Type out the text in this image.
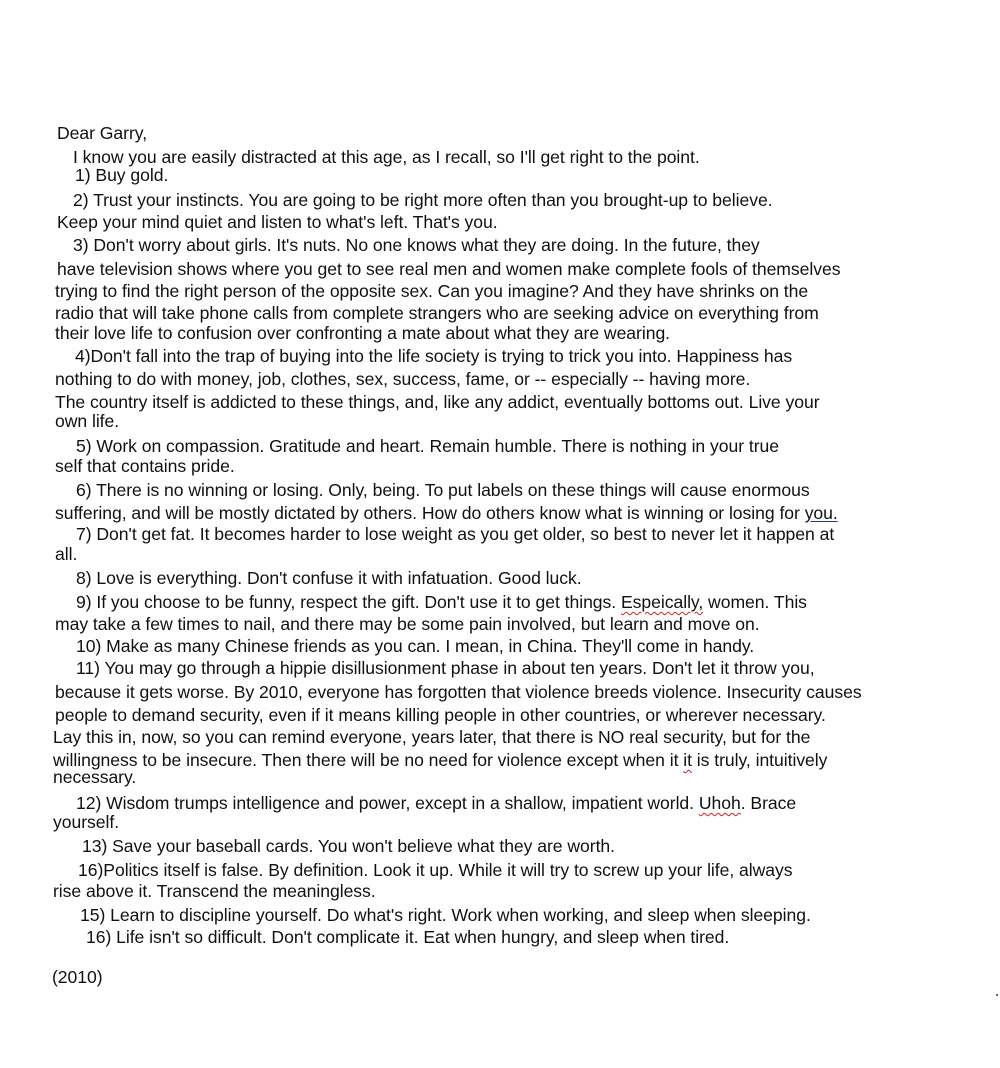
Dear Garry,
I know you are easily distracted at this age, as I recall, so I'll get right to the point.
1) Buy gold.
2) Trust your instincts. You are going to be right more often than you brought-up to believe.
Keep your mind quiet and listen to what's left. That's you.
3) Don't worry about girls. It's nuts. No one knows what they are doing. In the future, they
have television shows where you get to see real men and women make complete fools of themselves
trying to find the right person of the opposite sex. Can you imagine? And they have shrinks on the
radio that will take phone calls from complete strangers who are seeking advice on everything from
their love life to confusion over confronting a mate about what they are wearing.
4)Don't fall into the trap of buying into the life society is trying to trick you into. Happiness has
nothing to do with money, job, clothes, sex, success, fame, or -- especially -- having more.
The country itself is addicted to these things, and, like any addict, eventually bottoms out. Live your
own life.
5) Work on compassion. Gratitude and heart. Remain humble. There is nothing in your true
self that contains pride.
6) There is no winning or losing. Only, being. To put labels on these things will cause enormous
suffering, and will be mostly dictated by others. How do others know what is winning or losing for you.
7) Don't get fat. It becomes harder to lose weight as you get older, so best to never let it happen at
all.
8) Love is everything. Don't confuse it with infatuation. Good luck.
9) If you choose to be funny, respect the gift. Don't use it to get things. Espeically, women. This
may take a few times to nail, and there may be some pain involved, but learn and move on.
10) Make as many Chinese friends as you can. I mean, in China. They'll come in handy.
11) You may go through a hippie disillusionment phase in about ten years. Don't let it throw you,
because it gets worse. By 2010, everyone has forgotten that violence breeds violence. Insecurity causes
people to demand security, even if it means killing people in other countries, or wherever necessary.
Lay this in, now, so you can remind everyone, years later, that there is NO real security, but for the
willingness to be insecure. Then there will be no need for violence except when it it is truly, intuitively
necessary.
12) Wisdom trumps intelligence and power, except in a shallow, impatient world. Uhoh. Brace
yourself.
13) Save your baseball cards. You won't believe what they are worth.
16)Politics itself is false. By definition. Look it up. While it will try to screw up your life, always
rise above it. Transcend the meaningless.
15) Learn to discipline yourself. Do what's right. Work when working, and sleep when sleeping.
16) Life isn't so difficult. Don't complicate it. Eat when hungry, and sleep when tired.
(2010)
